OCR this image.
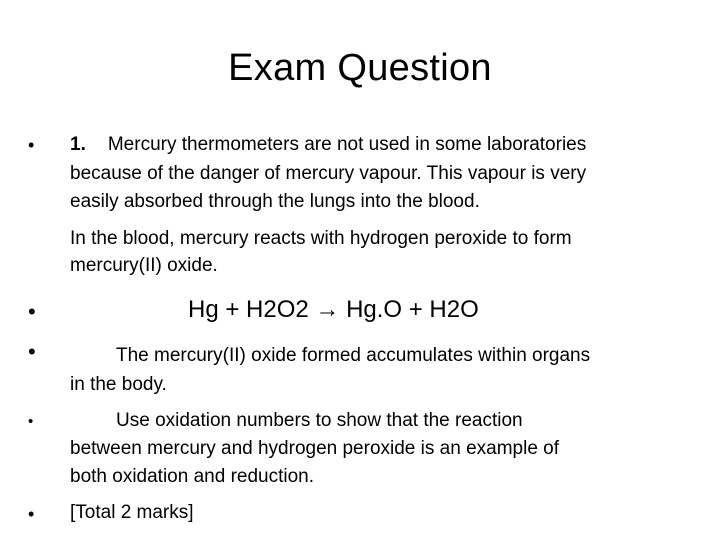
Exam Question
• 1. Mercury thermometers are not used in some laboratories
because of the danger of mercury vapour. This vapour is very
easily absorbed through the lungs into the blood.
In the blood, mercury reacts with hydrogen peroxide to form
mercury(II) oxide.
•	Hg + H2O2 → Hg.O + H2O
•	The mercury(II) oxide formed accumulates within organs
in the body.
•	Use oxidation numbers to show that the reaction
between mercury and hydrogen peroxide is an example of
both oxidation and reduction.
• [Total 2 marks]
